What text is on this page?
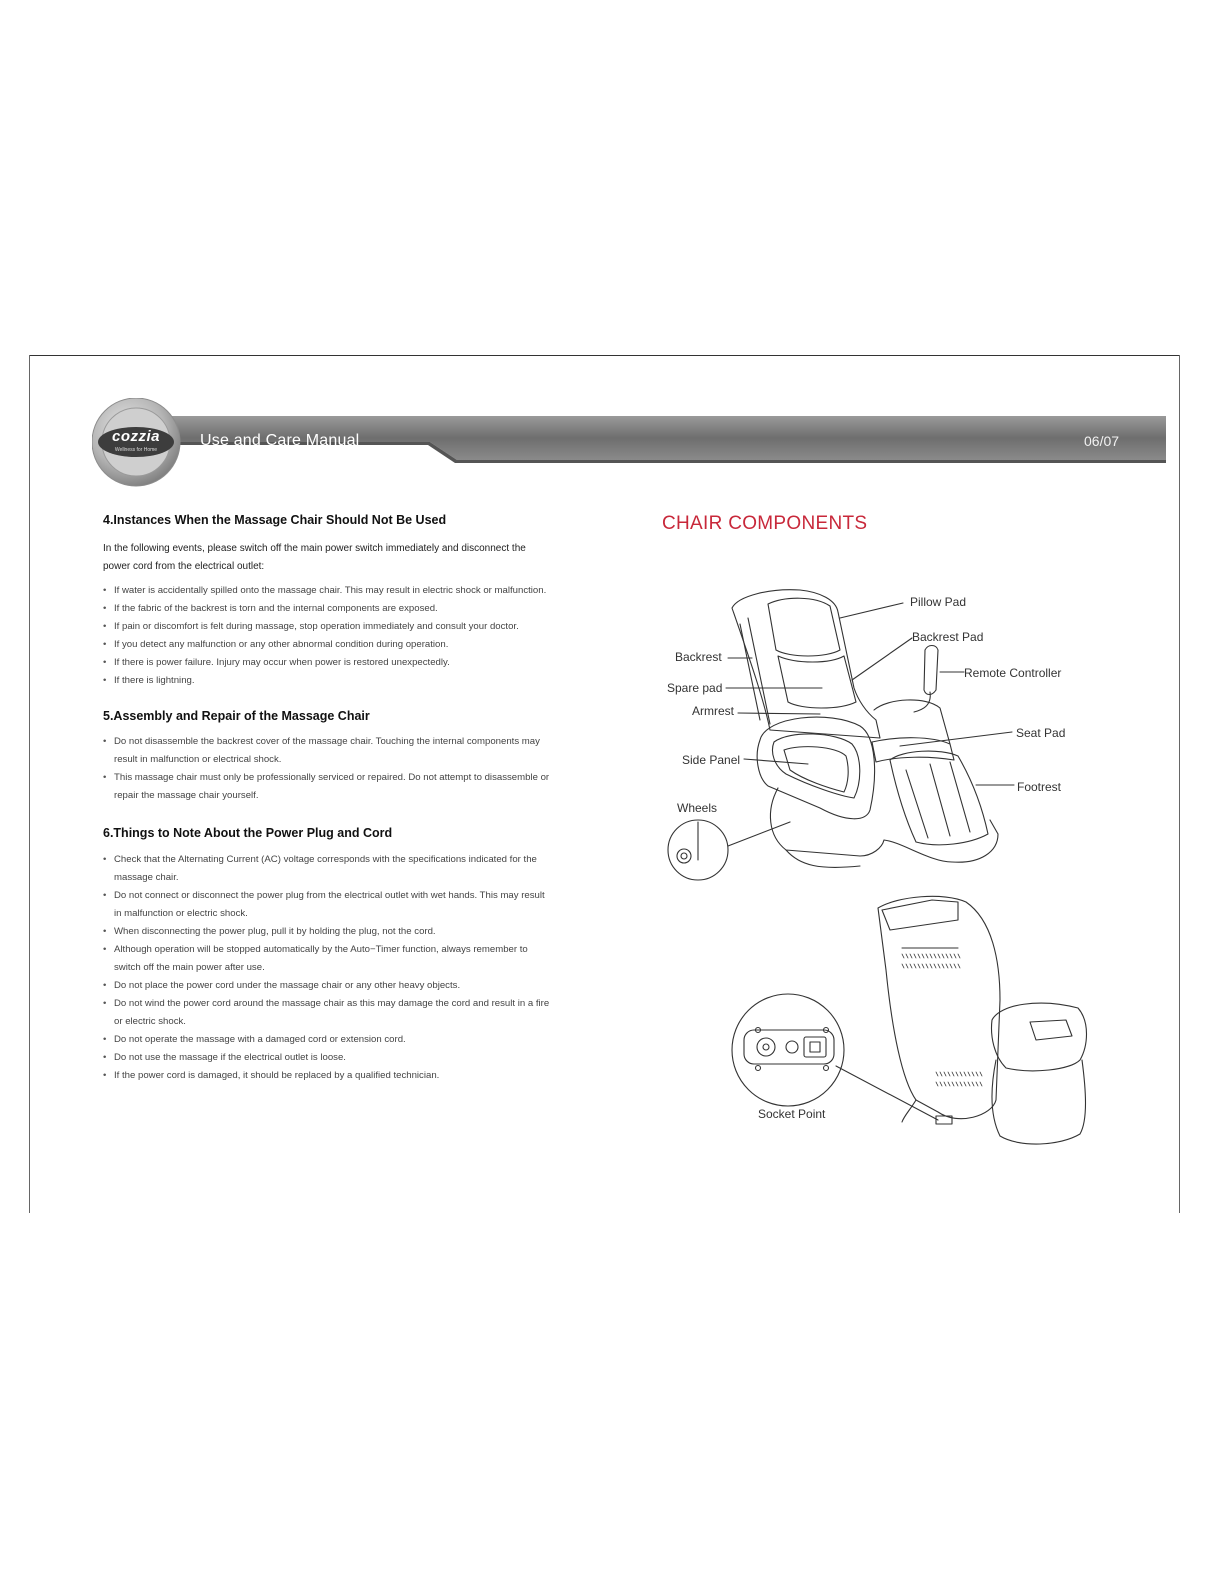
cozzia
Wellness for Home
Use and Care Manual	06/07
4.Instances When the Massage Chair Should Not Be Used

In the following events, please switch off the main power switch immediately and disconnect the power cord from the electrical outlet:

• If water is accidentally spilled onto the massage chair. This may result in electric shock or malfunction.
• If the fabric of the backrest is torn and the internal components are exposed.
• If pain or discomfort is felt during massage, stop operation immediately and consult your doctor.
• If you detect any malfunction or any other abnormal condition during operation.
• If there is power failure. Injury may occur when power is restored unexpectedly.
• If there is lightning.
5.Assembly and Repair of the Massage Chair
• Do not disassemble the backrest cover of the massage chair. Touching the internal components may result in malfunction or electrical shock.
• This massage chair must only be professionally serviced or repaired. Do not attempt to disassemble or repair the massage chair yourself.
6.Things to Note About the Power Plug and Cord
• Check that the Alternating Current (AC) voltage corresponds with the specifications indicated for the massage chair.
• Do not connect or disconnect the power plug from the electrical outlet with wet hands. This may result in malfunction or electric shock.
• When disconnecting the power plug, pull it by holding the plug, not the cord.
• Although operation will be stopped automatically by the Auto−Timer function, always remember to switch off the main power after use.
• Do not place the power cord under the massage chair or any other heavy objects.
• Do not wind the power cord around the massage chair as this may damage the cord and result in a fire or electric shock.
• Do not operate the massage with a damaged cord or extension cord.
• Do not use the massage if the electrical outlet is loose.
• If the power cord is damaged, it should be replaced by a qualified technician.
CHAIR COMPONENTS
Pillow Pad
Backrest Pad
Backrest
Remote Controller
Spare pad
Armrest
Seat Pad
Side Panel
Footrest
Wheels
Socket Point
